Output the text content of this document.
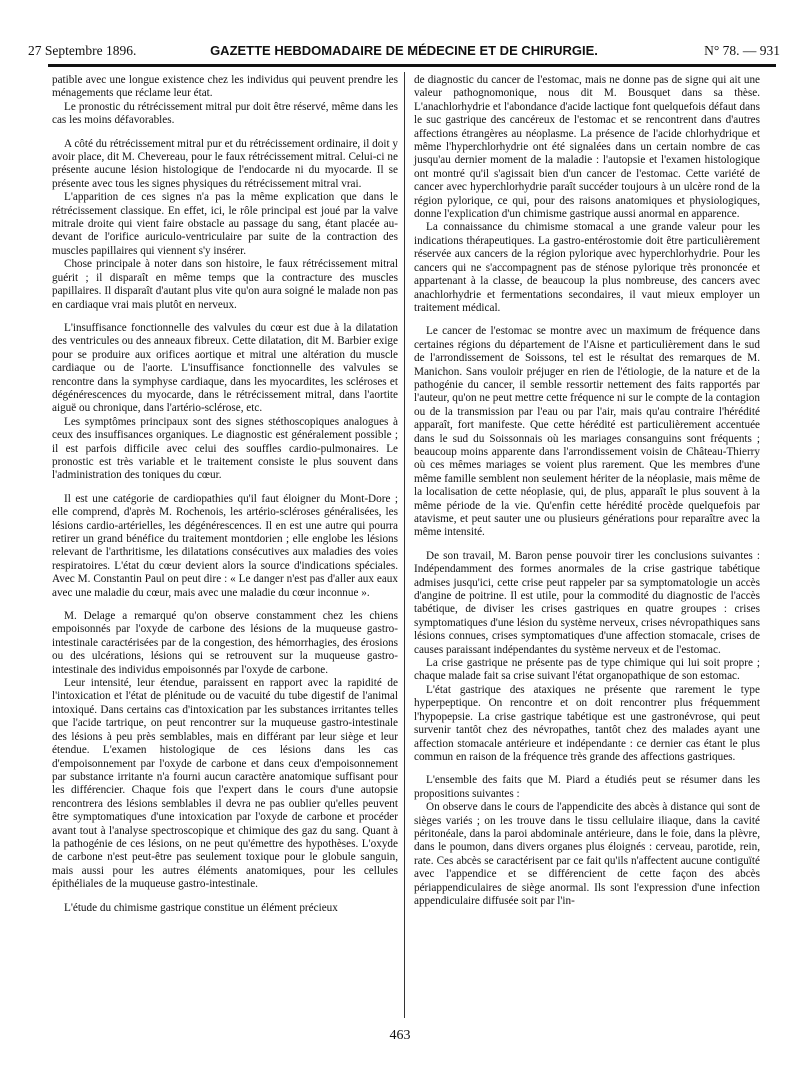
27 Septembre 1896.	GAZETTE HEBDOMADAIRE DE MÉDECINE ET DE CHIRURGIE.	N° 78. — 931

patible avec une longue existence chez les individus qui peuvent prendre les ménagements que réclame leur état.

Le pronostic du rétrécissement mitral pur doit être réservé, même dans les cas les moins défavorables.

A côté du rétrécissement mitral pur et du rétrécissement ordinaire, il doit y avoir place, dit M. Chevereau, pour le faux rétrécissement mitral. Celui-ci ne présente aucune lésion histologique de l'endocarde ni du myocarde. Il se présente avec tous les signes physiques du rétrécissement mitral vrai.

L'apparition de ces signes n'a pas la même explication que dans le rétrécissement classique. En effet, ici, le rôle principal est joué par la valve mitrale droite qui vient faire obstacle au passage du sang, étant placée au-devant de l'orifice auriculo-ventriculaire par suite de la contraction des muscles papillaires qui viennent s'y insérer.

Chose principale à noter dans son histoire, le faux rétrécissement mitral guérit ; il disparaît en même temps que la contracture des muscles papillaires. Il disparaît d'autant plus vite qu'on aura soigné le malade non pas en cardiaque vrai mais plutôt en nerveux.

L'insuffisance fonctionnelle des valvules du cœur est due à la dilatation des ventricules ou des anneaux fibreux. Cette dilatation, dit M. Barbier exige pour se produire aux orifices aortique et mitral une altération du muscle cardiaque ou de l'aorte. L'insuffisance fonctionnelle des valvules se rencontre dans la symphyse cardiaque, dans les myocardites, les scléroses et dégénérescences du myocarde, dans le rétrécissement mitral, dans l'aortite aiguë ou chronique, dans l'artério-sclérose, etc.

Les symptômes principaux sont des signes stéthoscopiques analogues à ceux des insuffisances organiques. Le diagnostic est généralement possible ; il est parfois difficile avec celui des souffles cardio-pulmonaires. Le pronostic est très variable et le traitement consiste le plus souvent dans l'administration des toniques du cœur.

Il est une catégorie de cardiopathies qu'il faut éloigner du Mont-Dore ; elle comprend, d'après M. Rochenois, les artério-scléroses généralisées, les lésions cardio-artérielles, les dégénérescences. Il en est une autre qui pourra retirer un grand bénéfice du traitement montdorien ; elle englobe les lésions relevant de l'arthritisme, les dilatations consécutives aux maladies des voies respiratoires. L'état du cœur devient alors la source d'indications spéciales. Avec M. Constantin Paul on peut dire : « Le danger n'est pas d'aller aux eaux avec une maladie du cœur, mais avec une maladie du cœur inconnue ».

M. Delage a remarqué qu'on observe constamment chez les chiens empoisonnés par l'oxyde de carbone des lésions de la muqueuse gastro-intestinale caractérisées par de la congestion, des hémorrhagies, des érosions ou des ulcérations, lésions qui se retrouvent sur la muqueuse gastro-intestinale des individus empoisonnés par l'oxyde de carbone.

Leur intensité, leur étendue, paraissent en rapport avec la rapidité de l'intoxication et l'état de plénitude ou de vacuité du tube digestif de l'animal intoxiqué. Dans certains cas d'intoxication par les substances irritantes telles que l'acide tartrique, on peut rencontrer sur la muqueuse gastro-intestinale des lésions à peu près semblables, mais en différant par leur siège et leur étendue. L'examen histologique de ces lésions dans les cas d'empoisonnement par l'oxyde de carbone et dans ceux d'empoisonnement par substance irritante n'a fourni aucun caractère anatomique suffisant pour les différencier. Chaque fois que l'expert dans le cours d'une autopsie rencontrera des lésions semblables il devra ne pas oublier qu'elles peuvent être symptomatiques d'une intoxication par l'oxyde de carbone et procéder avant tout à l'analyse spectroscopique et chimique des gaz du sang. Quant à la pathogénie de ces lésions, on ne peut qu'émettre des hypothèses. L'oxyde de carbone n'est peut-être pas seulement toxique pour le globule sanguin, mais aussi pour les autres éléments anatomiques, pour les cellules épithéliales de la muqueuse gastro-intestinale.

L'étude du chimisme gastrique constitue un élément précieux

de diagnostic du cancer de l'estomac, mais ne donne pas de signe qui ait une valeur pathognomonique, nous dit M. Bousquet dans sa thèse. L'anachlorhydrie et l'abondance d'acide lactique font quelquefois défaut dans le suc gastrique des cancéreux de l'estomac et se rencontrent dans d'autres affections étrangères au néoplasme. La présence de l'acide chlorhydrique et même l'hyperchlorhydrie ont été signalées dans un certain nombre de cas jusqu'au dernier moment de la maladie : l'autopsie et l'examen histologique ont montré qu'il s'agissait bien d'un cancer de l'estomac. Cette variété de cancer avec hyperchlorhydrie paraît succéder toujours à un ulcère rond de la région pylorique, ce qui, pour des raisons anatomiques et physiologiques, donne l'explication d'un chimisme gastrique aussi anormal en apparence.

La connaissance du chimisme stomacal a une grande valeur pour les indications thérapeutiques. La gastro-entérostomie doit être particulièrement réservée aux cancers de la région pylorique avec hyperchlorhydrie. Pour les cancers qui ne s'accompagnent pas de sténose pylorique très prononcée et appartenant à la classe, de beaucoup la plus nombreuse, des cancers avec anachlorhydrie et fermentations secondaires, il vaut mieux employer un traitement médical.

Le cancer de l'estomac se montre avec un maximum de fréquence dans certaines régions du département de l'Aisne et particulièrement dans le sud de l'arrondissement de Soissons, tel est le résultat des remarques de M. Manichon. Sans vouloir préjuger en rien de l'étiologie, de la nature et de la pathogénie du cancer, il semble ressortir nettement des faits rapportés par l'auteur, qu'on ne peut mettre cette fréquence ni sur le compte de la contagion ou de la transmission par l'eau ou par l'air, mais qu'au contraire l'hérédité apparaît, fort manifeste. Que cette hérédité est particulièrement accentuée dans le sud du Soissonnais où les mariages consanguins sont fréquents ; beaucoup moins apparente dans l'arrondissement voisin de Château-Thierry où ces mêmes mariages se voient plus rarement. Que les membres d'une même famille semblent non seulement hériter de la néoplasie, mais même de la localisation de cette néoplasie, qui, de plus, apparaît le plus souvent à la même période de la vie. Qu'enfin cette hérédité procède quelquefois par atavisme, et peut sauter une ou plusieurs générations pour reparaître avec la même intensité.

De son travail, M. Baron pense pouvoir tirer les conclusions suivantes : Indépendamment des formes anormales de la crise gastrique tabétique admises jusqu'ici, cette crise peut rappeler par sa symptomatologie un accès d'angine de poitrine. Il est utile, pour la commodité du diagnostic de l'accès tabétique, de diviser les crises gastriques en quatre groupes : crises symptomatiques d'une lésion du système nerveux, crises névropathiques sans lésions connues, crises symptomatiques d'une affection stomacale, crises de causes paraissant indépendantes du système nerveux et de l'estomac.

La crise gastrique ne présente pas de type chimique qui lui soit propre ; chaque malade fait sa crise suivant l'état organopathique de son estomac.

L'état gastrique des ataxiques ne présente que rarement le type hyperpeptique. On rencontre et on doit rencontrer plus fréquemment l'hypopepsie. La crise gastrique tabétique est une gastronévrose, qui peut survenir tantôt chez des névropathes, tantôt chez des malades ayant une affection stomacale antérieure et indépendante : ce dernier cas étant le plus commun en raison de la fréquence très grande des affections gastriques.

L'ensemble des faits que M. Piard a étudiés peut se résumer dans les propositions suivantes :

On observe dans le cours de l'appendicite des abcès à distance qui sont de sièges variés ; on les trouve dans le tissu cellulaire iliaque, dans la cavité péritonéale, dans la paroi abdominale antérieure, dans le foie, dans la plèvre, dans le poumon, dans divers organes plus éloignés : cerveau, parotide, rein, rate. Ces abcès se caractérisent par ce fait qu'ils n'affectent aucune contiguïté avec l'appendice et se différencient de cette façon des abcès périappendiculaires de siège anormal. Ils sont l'expression d'une infection appendiculaire diffusée soit par l'in-

463
